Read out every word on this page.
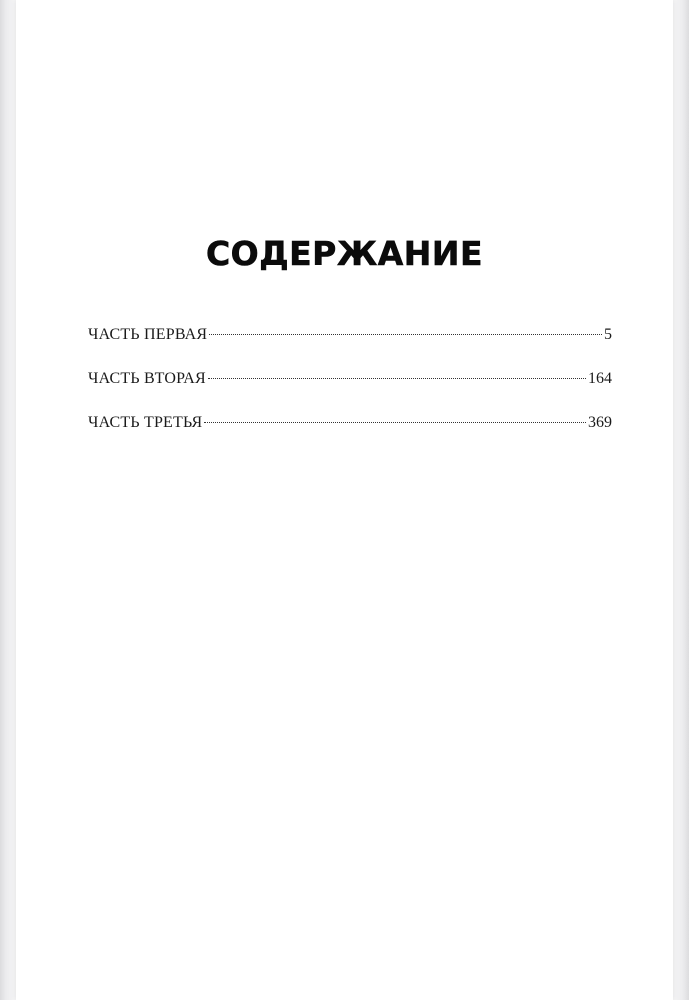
СОДЕРЖАНИЕ
ЧАСТЬ ПЕРВАЯ	5
ЧАСТЬ ВТОРАЯ	164
ЧАСТЬ ТРЕТЬЯ	369
